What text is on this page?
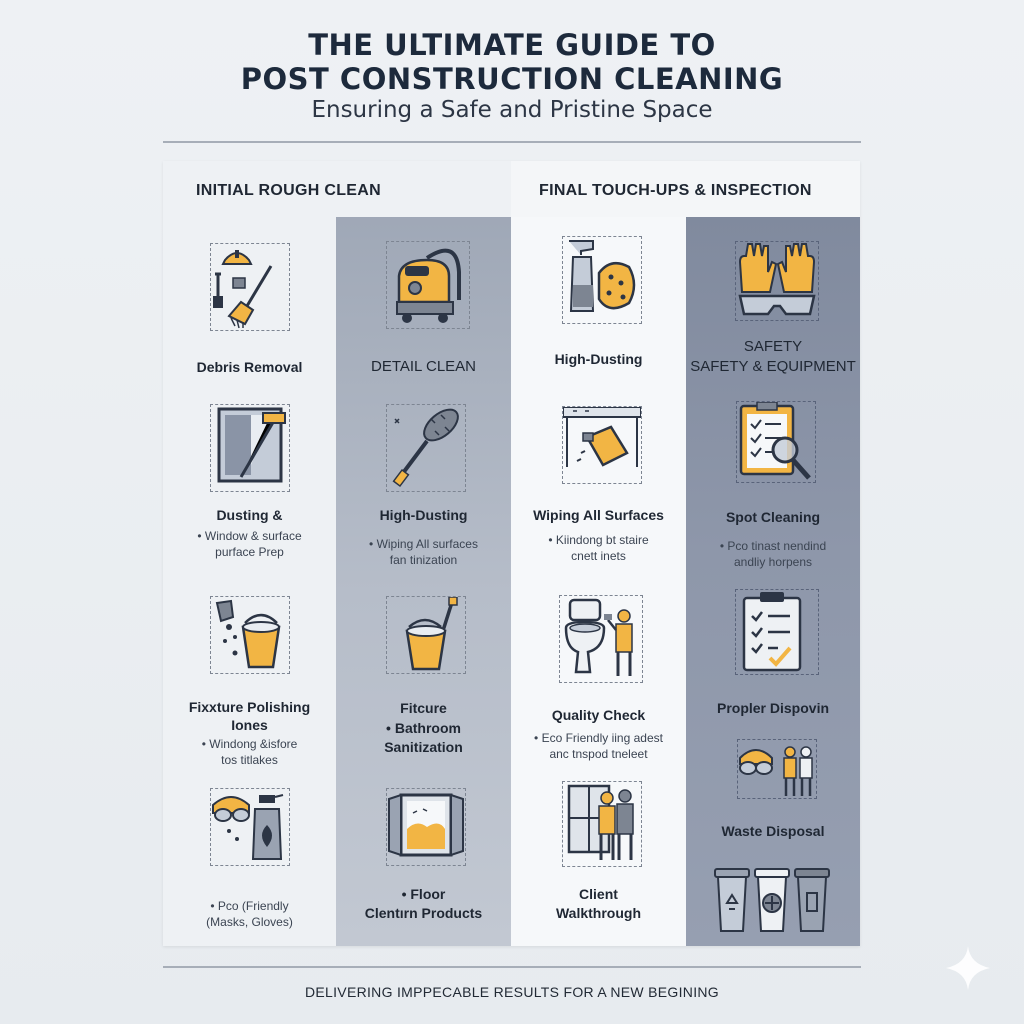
THE ULTIMATE GUIDE TO
POST CONSTRUCTION CLEANING
Ensuring a Safe and Pristine Space
INITIAL ROUGH CLEAN	FINAL TOUCH-UPS & INSPECTION
Debris Removal
Dusting &
• Window & surface
purface Prep
Fixxture Polishing
Iones
• Windong &isfore
tos titlakes
• Pco (Friendly
(Masks, Gloves)
DETAIL CLEAN
High-Dusting
• Wiping All surfaces
fan tinization
Fitcure
• Bathroom
Sanitization
• Floor
Clentırn Products
High-Dusting
Wiping All Surfaces
• Kiindong bt staire
cnett inets
Quality Check
• Eco Friendly iing adest
anc tnspod tneleet
Client
Walkthrough
SAFETY
SAFETY & EQUIPMENT
Spot Cleaning
• Pco tinast nendind
andliy horpens
Propler Dispovin
Waste Disposal
DELIVERING IMPPECABLE RESULTS FOR A NEW BEGINING
